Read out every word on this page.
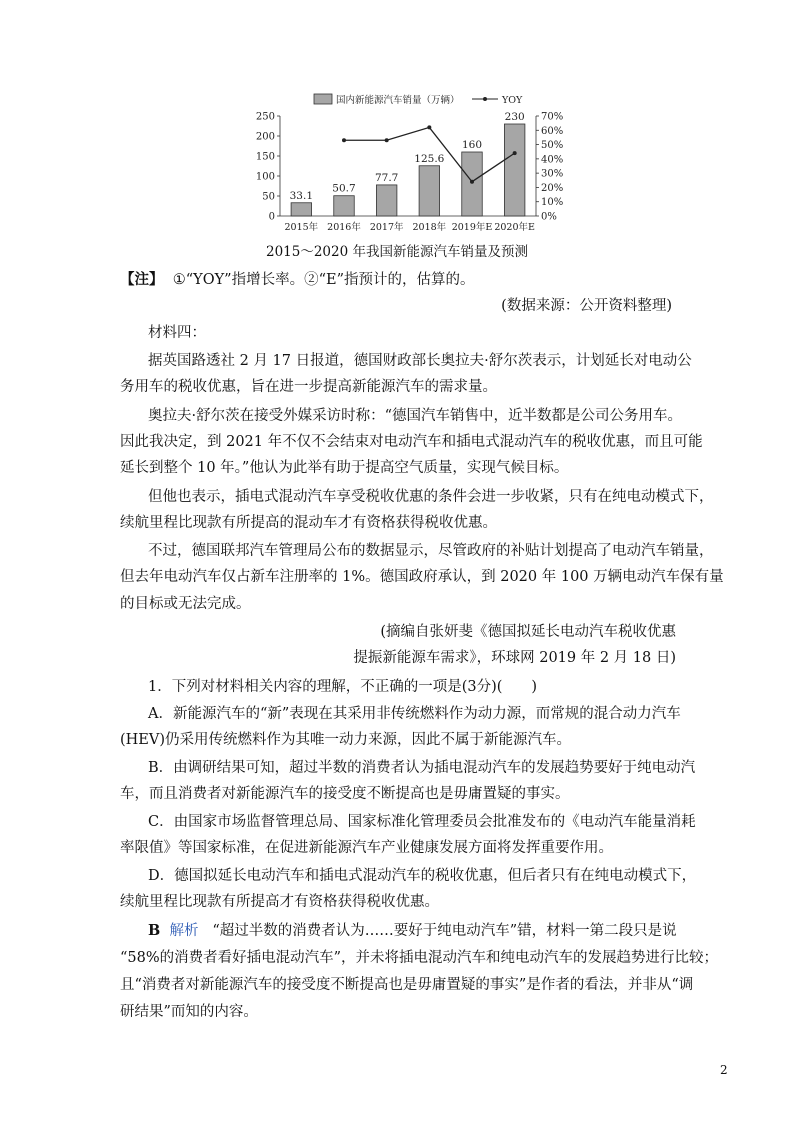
国内新能源汽车销量（万辆）	YOY
0
50
100
150
200
250
0%
10%
20%
30%
40%
50%
60%
70%
33.1
2015年
50.7
2016年
77.7
2017年
125.6
2018年
160
2019年E
230
2020年E
2015～2020 年我国新能源汽车销量及预测
【注】 ①“YOY”指增长率。②“E”指预计的，估算的。
(数据来源：公开资料整理)
材料四：
据英国路透社 2 月 17 日报道，德国财政部长奥拉夫·舒尔茨表示，计划延长对电动公
务用车的税收优惠，旨在进一步提高新能源汽车的需求量。
奥拉夫·舒尔茨在接受外媒采访时称：“德国汽车销售中，近半数都是公司公务用车。
因此我决定，到 2021 年不仅不会结束对电动汽车和插电式混动汽车的税收优惠，而且可能
延长到整个 10 年。”他认为此举有助于提高空气质量，实现气候目标。
但他也表示，插电式混动汽车享受税收优惠的条件会进一步收紧，只有在纯电动模式下，
续航里程比现款有所提高的混动车才有资格获得税收优惠。
不过，德国联邦汽车管理局公布的数据显示，尽管政府的补贴计划提高了电动汽车销量，
但去年电动汽车仅占新车注册率的 1%。德国政府承认，到 2020 年 100 万辆电动汽车保有量
的目标或无法完成。
(摘编自张妍斐《德国拟延长电动汽车税收优惠
提振新能源车需求》，环球网 2019 年 2 月 18 日)
1．下列对材料相关内容的理解，不正确的一项是(3分)(　　)
A．新能源汽车的“新”表现在其采用非传统燃料作为动力源，而常规的混合动力汽车
(HEV)仍采用传统燃料作为其唯一动力来源，因此不属于新能源汽车。
B．由调研结果可知，超过半数的消费者认为插电混动汽车的发展趋势要好于纯电动汽
车，而且消费者对新能源汽车的接受度不断提高也是毋庸置疑的事实。
C．由国家市场监督管理总局、国家标准化管理委员会批准发布的《电动汽车能量消耗
率限值》等国家标准，在促进新能源汽车产业健康发展方面将发挥重要作用。
D．德国拟延长电动汽车和插电式混动汽车的税收优惠，但后者只有在纯电动模式下，
续航里程比现款有所提高才有资格获得税收优惠。
B 解析 “超过半数的消费者认为……要好于纯电动汽车”错，材料一第二段只是说
“58%的消费者看好插电混动汽车”，并未将插电混动汽车和纯电动汽车的发展趋势进行比较；
且“消费者对新能源汽车的接受度不断提高也是毋庸置疑的事实”是作者的看法，并非从“调
研结果”而知的内容。
2
